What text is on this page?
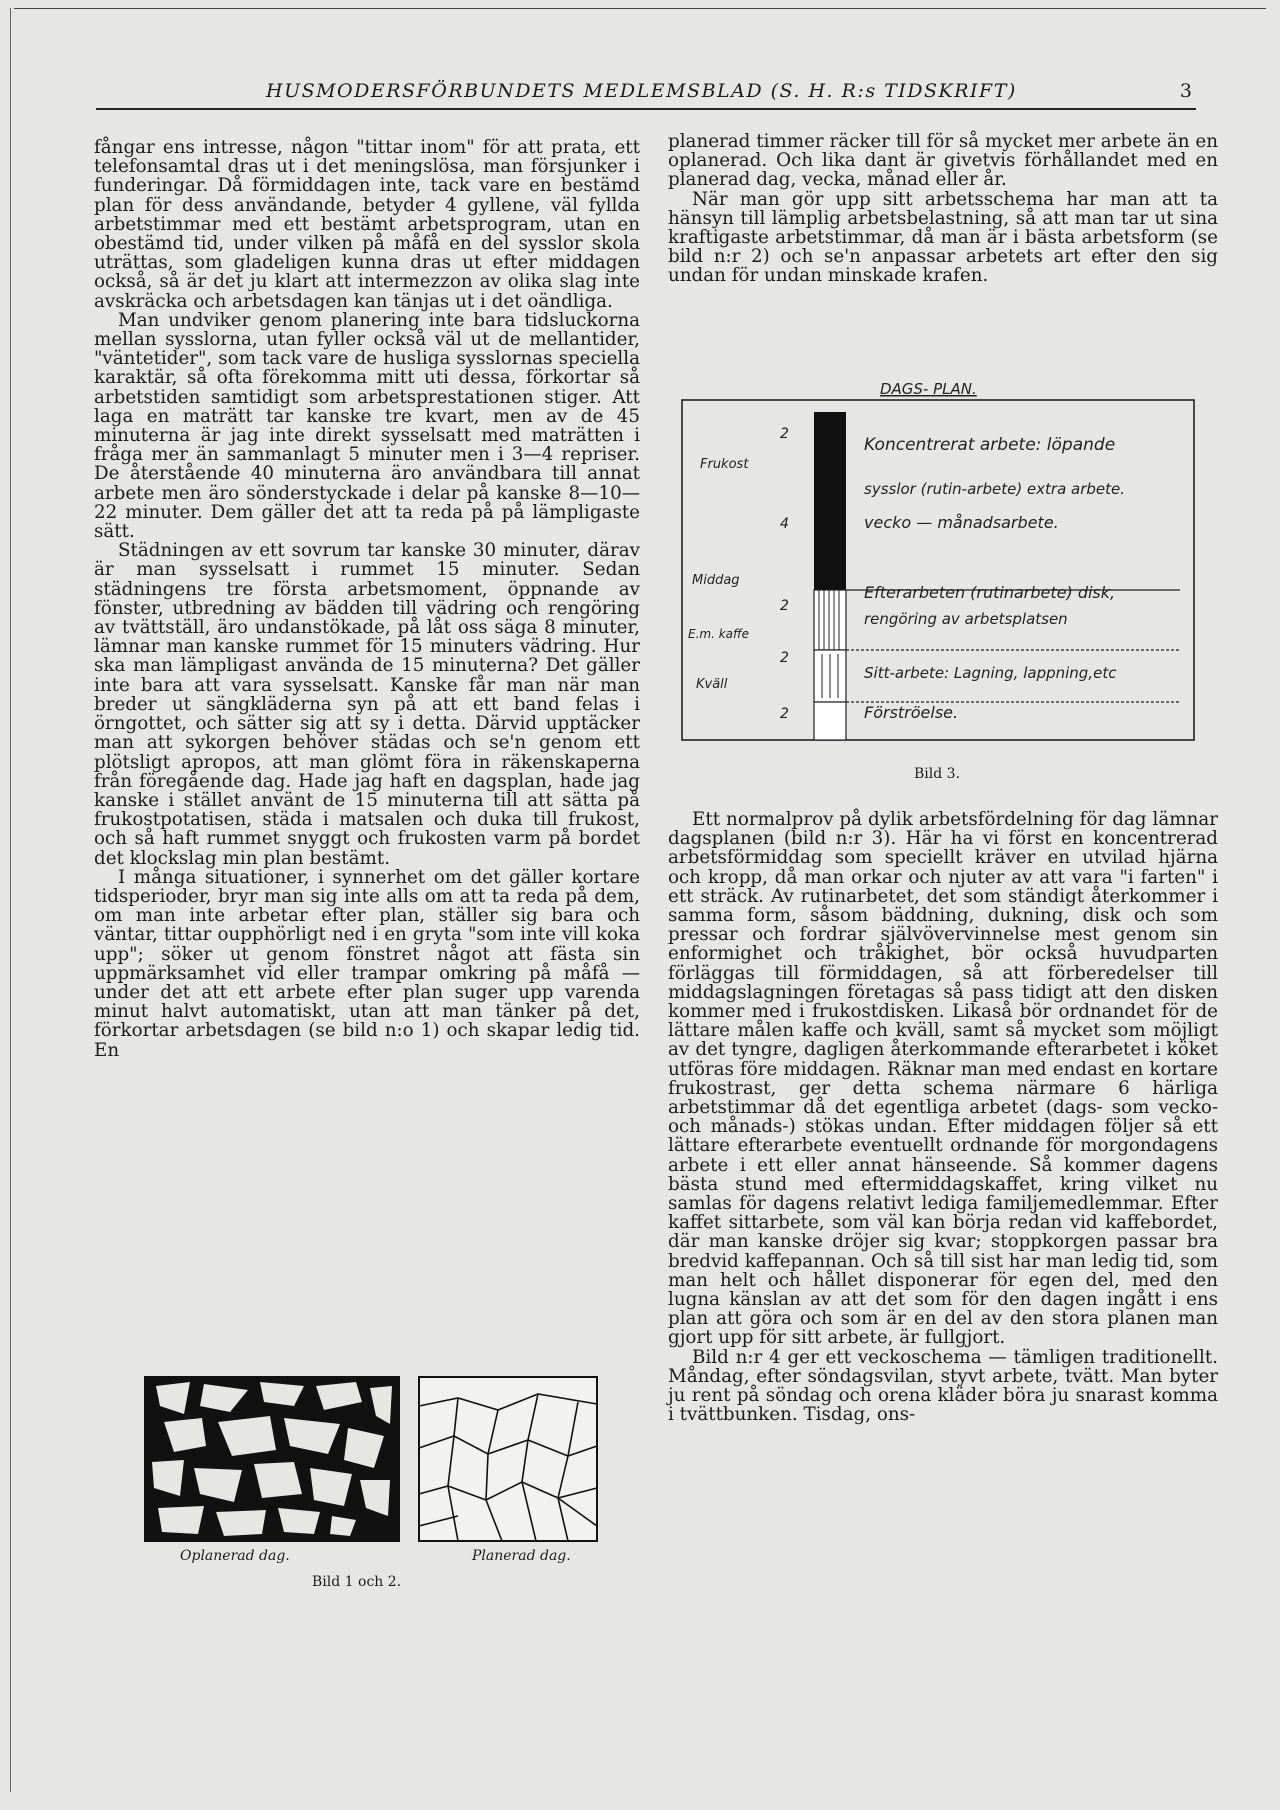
HUSMODERSFÖRBUNDETS MEDLEMSBLAD (S. H. R:s TIDSKRIFT)	3

fångar ens intresse, någon "tittar inom" för att prata, ett telefonsamtal dras ut i det meningslösa, man försjunker i funderingar. Då förmiddagen inte, tack vare en bestämd plan för dess användande, betyder 4 gyllene, väl fyllda arbetstimmar med ett bestämt arbetsprogram, utan en obestämd tid, under vilken på måfå en del sysslor skola uträttas, som gladeligen kunna dras ut efter middagen också, så är det ju klart att intermezzon av olika slag inte avskräcka och arbetsdagen kan tänjas ut i det oändliga.

Man undviker genom planering inte bara tidsluckorna mellan sysslorna, utan fyller också väl ut de mellantider, "väntetider", som tack vare de husliga sysslornas speciella karaktär, så ofta förekomma mitt uti dessa, förkortar så arbetstiden samtidigt som arbetsprestationen stiger. Att laga en maträtt tar kanske tre kvart, men av de 45 minuterna är jag inte direkt sysselsatt med maträtten i fråga mer än sammanlagt 5 minuter men i 3—4 repriser. De återstående 40 minuterna äro användbara till annat arbete men äro sönderstyckade i delar på kanske 8—10—22 minuter. Dem gäller det att ta reda på på lämpligaste sätt.

Städningen av ett sovrum tar kanske 30 minuter, därav är man sysselsatt i rummet 15 minuter. Sedan städningens tre första arbetsmoment, öppnande av fönster, utbredning av bädden till vädring och rengöring av tvättställ, äro undanstökade, på låt oss säga 8 minuter, lämnar man kanske rummet för 15 minuters vädring. Hur ska man lämpligast använda de 15 minuterna? Det gäller inte bara att vara sysselsatt. Kanske får man när man breder ut sängkläderna syn på att ett band felas i örngottet, och sätter sig att sy i detta. Därvid upptäcker man att sykorgen behöver städas och se'n genom ett plötsligt apropos, att man glömt föra in räkenskaperna från föregående dag. Hade jag haft en dagsplan, hade jag kanske i stället använt de 15 minuterna till att sätta på frukostpotatisen, städa i matsalen och duka till frukost, och så haft rummet snyggt och frukosten varm på bordet det klockslag min plan bestämt.

I många situationer, i synnerhet om det gäller kortare tidsperioder, bryr man sig inte alls om att ta reda på dem, om man inte arbetar efter plan, ställer sig bara och väntar, tittar oupphörligt ned i en gryta "som inte vill koka upp"; söker ut genom fönstret något att fästa sin uppmärksamhet vid eller trampar omkring på måfå — under det att ett arbete efter plan suger upp varenda minut halvt automatiskt, utan att man tänker på det, förkortar arbetsdagen (se bild n:o 1) och skapar ledig tid. En

planerad timmer räcker till för så mycket mer arbete än en oplanerad. Och lika dant är givetvis förhållandet med en planerad dag, vecka, månad eller år.

När man gör upp sitt arbetsschema har man att ta hänsyn till lämplig arbetsbelastning, så att man tar ut sina kraftigaste arbetstimmar, då man är i bästa arbetsform (se bild n:r 2) och se'n anpassar arbetets art efter den sig undan för undan minskade krafen.

DAGS- PLAN.
Frukost
Middag
E.m. kaffe
Kväll
2
4
2
2
2
Koncentrerat arbete: löpande
sysslor (rutin-arbete) extra arbete.
vecko — månadsarbete.
Efterarbeten (rutinarbete) disk,
rengöring av arbetsplatsen
Sitt-arbete: Lagning, lappning,etc
Förströelse.
Bild 3.

Ett normalprov på dylik arbetsfördelning för dag lämnar dagsplanen (bild n:r 3). Här ha vi först en koncentrerad arbetsförmiddag som speciellt kräver en utvilad hjärna och kropp, då man orkar och njuter av att vara "i farten" i ett sträck. Av rutinarbetet, det som ständigt återkommer i samma form, såsom bäddning, dukning, disk och som pressar och fordrar självövervinnelse mest genom sin enformighet och tråkighet, bör också huvudparten förläggas till förmiddagen, så att förberedelser till middagslagningen företagas så pass tidigt att den disken kommer med i frukostdisken. Likaså bör ordnandet för de lättare målen kaffe och kväll, samt så mycket som möjligt av det tyngre, dagligen återkommande efterarbetet i köket utföras före middagen. Räknar man med endast en kortare frukostrast, ger detta schema närmare 6 härliga arbetstimmar då det egentliga arbetet (dags- som vecko- och månads-) stökas undan. Efter middagen följer så ett lättare efterarbete eventuellt ordnande för morgondagens arbete i ett eller annat hänseende. Så kommer dagens bästa stund med eftermiddagskaffet, kring vilket nu samlas för dagens relativt lediga familjemedlemmar. Efter kaffet sittarbete, som väl kan börja redan vid kaffebordet, där man kanske dröjer sig kvar; stoppkorgen passar bra bredvid kaffepannan. Och så till sist har man ledig tid, som man helt och hållet disponerar för egen del, med den lugna känslan av att det som för den dagen ingått i ens plan att göra och som är en del av den stora planen man gjort upp för sitt arbete, är fullgjort.

Bild n:r 4 ger ett veckoschema — tämligen traditionellt. Måndag, efter söndagsvilan, styvt arbete, tvätt. Man byter ju rent på söndag och orena kläder böra ju snarast komma i tvättbunken. Tisdag, ons-

Oplanerad dag.	Planerad dag.
Bild 1 och 2.
